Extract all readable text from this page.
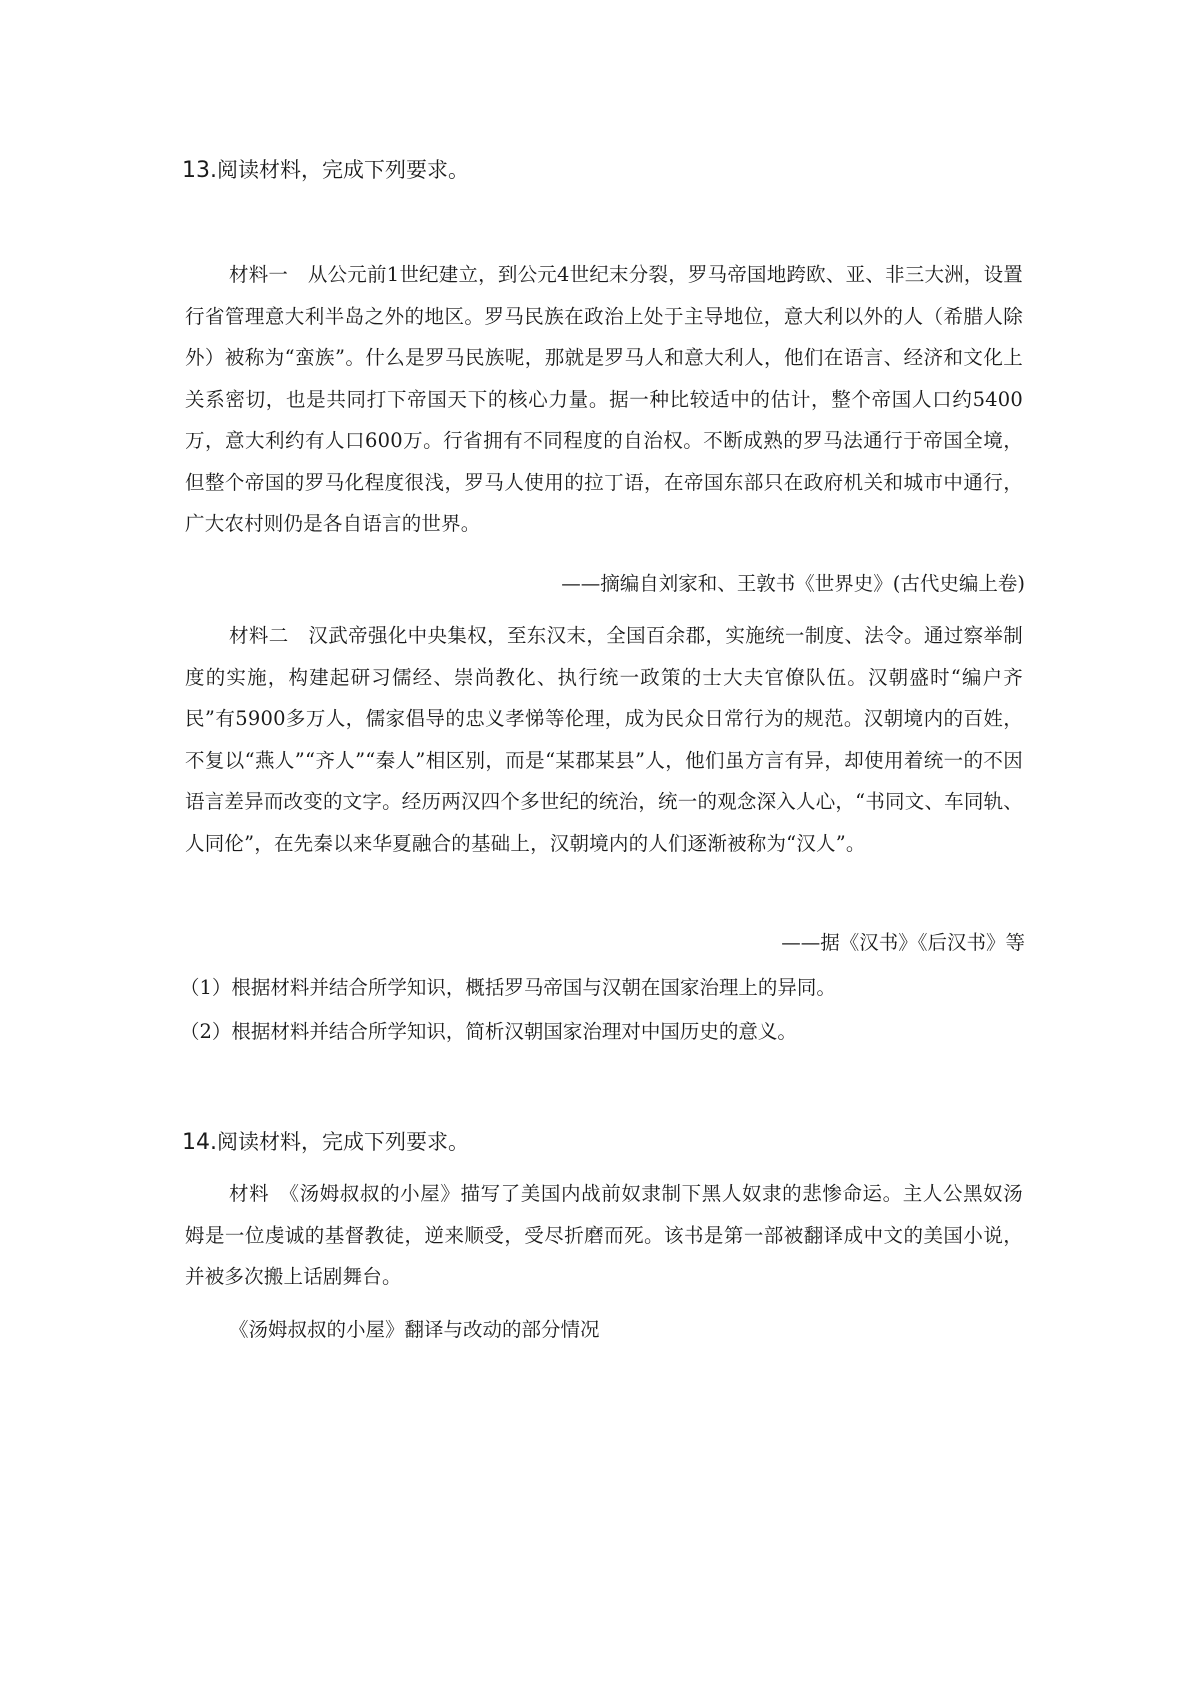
13.阅读材料，完成下列要求。
材料一　从公元前1世纪建立，到公元4世纪末分裂，罗马帝国地跨欧、亚、非三大洲，设置行省管理意大利半岛之外的地区。罗马民族在政治上处于主导地位，意大利以外的人（希腊人除外）被称为“蛮族”。什么是罗马民族呢，那就是罗马人和意大利人，他们在语言、经济和文化上关系密切，也是共同打下帝国天下的核心力量。据一种比较适中的估计，整个帝国人口约5400万，意大利约有人口600万。行省拥有不同程度的自治权。不断成熟的罗马法通行于帝国全境，但整个帝国的罗马化程度很浅，罗马人使用的拉丁语，在帝国东部只在政府机关和城市中通行，广大农村则仍是各自语言的世界。
——摘编自刘家和、王敦书《世界史》(古代史编上卷)
材料二　汉武帝强化中央集权，至东汉末，全国百余郡，实施统一制度、法令。通过察举制度的实施，构建起研习儒经、崇尚教化、执行统一政策的士大夫官僚队伍。汉朝盛时“编户齐民”有5900多万人，儒家倡导的忠义孝悌等伦理，成为民众日常行为的规范。汉朝境内的百姓，不复以“燕人”“齐人”“秦人”相区别，而是“某郡某县”人，他们虽方言有异，却使用着统一的不因语言差异而改变的文字。经历两汉四个多世纪的统治，统一的观念深入人心，“书同文、车同轨、人同伦”，在先秦以来华夏融合的基础上，汉朝境内的人们逐渐被称为“汉人”。
——据《汉书》《后汉书》等
（1）根据材料并结合所学知识，概括罗马帝国与汉朝在国家治理上的异同。
（2）根据材料并结合所学知识，简析汉朝国家治理对中国历史的意义。
14.阅读材料，完成下列要求。
材料　《汤姆叔叔的小屋》描写了美国内战前奴隶制下黑人奴隶的悲惨命运。主人公黑奴汤姆是一位虔诚的基督教徒，逆来顺受，受尽折磨而死。该书是第一部被翻译成中文的美国小说，并被多次搬上话剧舞台。
《汤姆叔叔的小屋》翻译与改动的部分情况
